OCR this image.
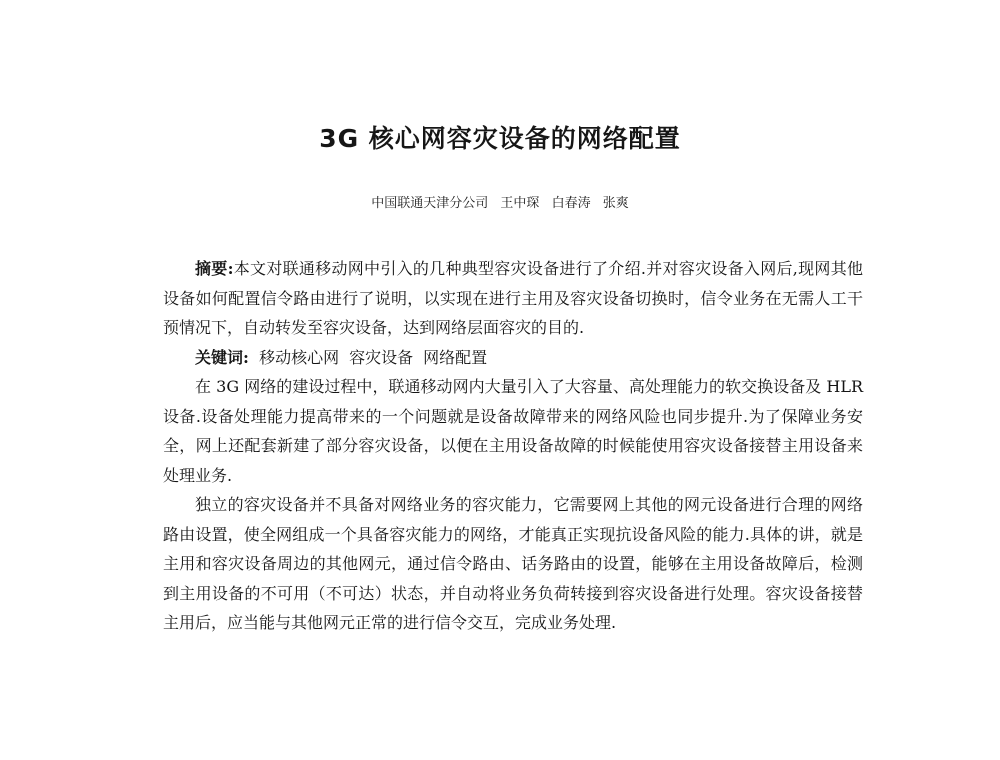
3G 核心网容灾设备的网络配置
中国联通天津分公司 王中琛 白春涛 张爽

摘要:本文对联通移动网中引入的几种典型容灾设备进行了介绍.并对容灾设备入网后,现网其他设备如何配置信令路由进行了说明，以实现在进行主用及容灾设备切换时，信令业务在无需人工干预情况下，自动转发至容灾设备，达到网络层面容灾的目的.

关键词: 移动核心网 容灾设备 网络配置

在 3G 网络的建设过程中，联通移动网内大量引入了大容量、高处理能力的软交换设备及 HLR 设备.设备处理能力提高带来的一个问题就是设备故障带来的网络风险也同步提升.为了保障业务安全，网上还配套新建了部分容灾设备，以便在主用设备故障的时候能使用容灾设备接替主用设备来处理业务.

独立的容灾设备并不具备对网络业务的容灾能力，它需要网上其他的网元设备进行合理的网络路由设置，使全网组成一个具备容灾能力的网络，才能真正实现抗设备风险的能力.具体的讲，就是主用和容灾设备周边的其他网元，通过信令路由、话务路由的设置，能够在主用设备故障后，检测到主用设备的不可用（不可达）状态，并自动将业务负荷转接到容灾设备进行处理。容灾设备接替主用后，应当能与其他网元正常的进行信令交互，完成业务处理.
